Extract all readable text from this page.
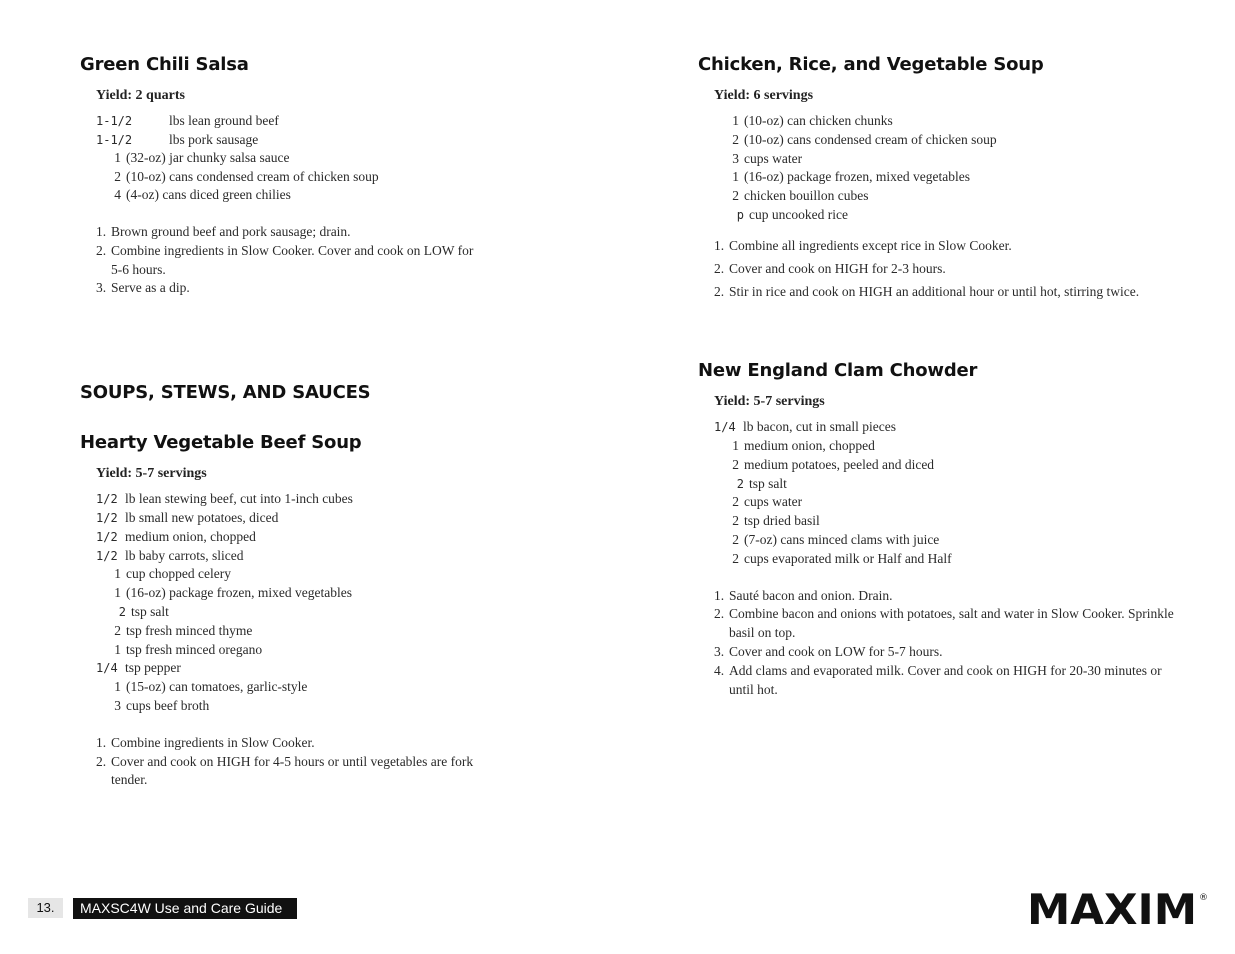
Green Chili Salsa
Yield: 2 quarts
1-1/2	lbs lean ground beef
1-1/2	lbs pork sausage
1 (32-oz) jar chunky salsa sauce
2 (10-oz) cans condensed cream of chicken soup
4 (4-oz) cans diced green chilies
1. Brown ground beef and pork sausage; drain.
2. Combine ingredients in Slow Cooker. Cover and cook on LOW for 5-6 hours.
3. Serve as a dip.
SOUPS, STEWS, AND SAUCES
Hearty Vegetable Beef Soup
Yield: 5-7 servings
1/2 lb lean stewing beef, cut into 1-inch cubes
1/2 lb small new potatoes, diced
1/2 medium onion, chopped
1/2 lb baby carrots, sliced
1 cup chopped celery
1 (16-oz) package frozen, mixed vegetables
2 tsp salt
2 tsp fresh minced thyme
1 tsp fresh minced oregano
1/4 tsp pepper
1 (15-oz) can tomatoes, garlic-style
3 cups beef broth
1. Combine ingredients in Slow Cooker.
2. Cover and cook on HIGH for 4-5 hours or until vegetables are fork tender.
Chicken, Rice, and Vegetable Soup
Yield: 6 servings
1 (10-oz) can chicken chunks
2 (10-oz) cans condensed cream of chicken soup
3 cups water
1 (16-oz) package frozen, mixed vegetables
2 chicken bouillon cubes
p cup uncooked rice
1. Combine all ingredients except rice in Slow Cooker.
2. Cover and cook on HIGH for 2-3 hours.
2. Stir in rice and cook on HIGH an additional hour or until hot, stirring twice.
New England Clam Chowder
Yield: 5-7 servings
1/4 lb bacon, cut in small pieces
1 medium onion, chopped
2 medium potatoes, peeled and diced
2 tsp salt
2 cups water
2 tsp dried basil
2 (7-oz) cans minced clams with juice
2 cups evaporated milk or Half and Half
1. Sauté bacon and onion. Drain.
2. Combine bacon and onions with potatoes, salt and water in Slow Cooker. Sprinkle basil on top.
3. Cover and cook on LOW for 5-7 hours.
4. Add clams and evaporated milk. Cover and cook on HIGH for 20-30 minutes or until hot.
13.	MAXSC4W Use and Care Guide	MAXIM ®
